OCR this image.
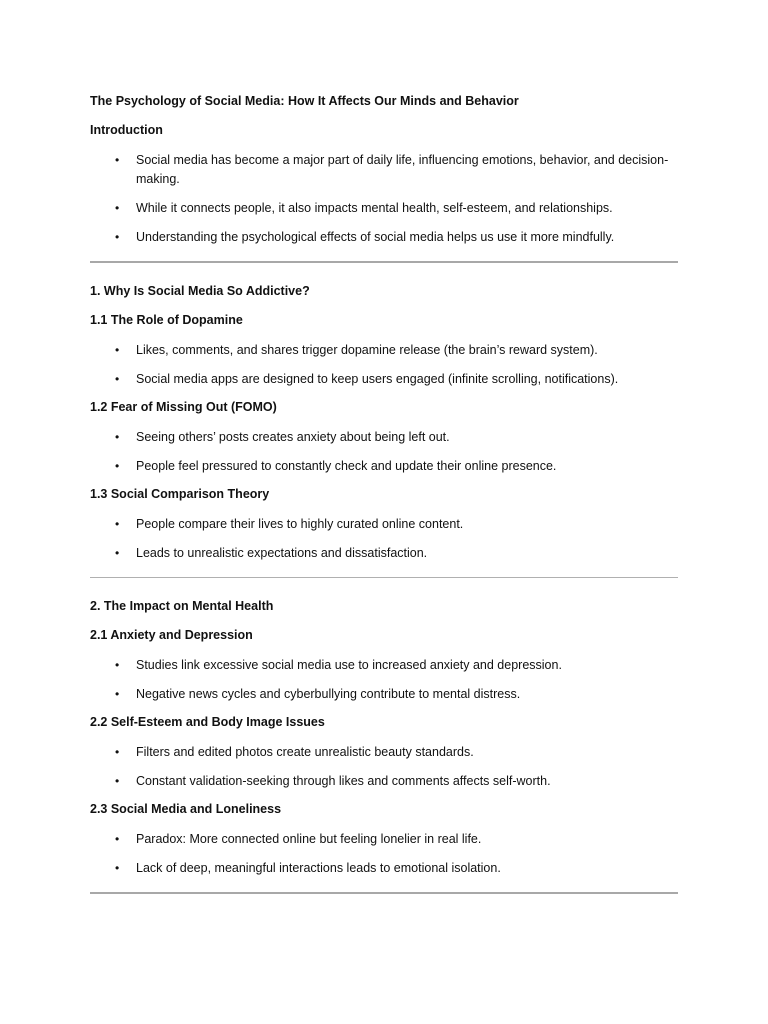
The Psychology of Social Media: How It Affects Our Minds and Behavior
Introduction
• Social media has become a major part of daily life, influencing emotions, behavior, and decision-making.
• While it connects people, it also impacts mental health, self-esteem, and relationships.
• Understanding the psychological effects of social media helps us use it more mindfully.
1. Why Is Social Media So Addictive?
1.1 The Role of Dopamine
• Likes, comments, and shares trigger dopamine release (the brain’s reward system).
• Social media apps are designed to keep users engaged (infinite scrolling, notifications).
1.2 Fear of Missing Out (FOMO)
• Seeing others’ posts creates anxiety about being left out.
• People feel pressured to constantly check and update their online presence.
1.3 Social Comparison Theory
• People compare their lives to highly curated online content.
• Leads to unrealistic expectations and dissatisfaction.
2. The Impact on Mental Health
2.1 Anxiety and Depression
• Studies link excessive social media use to increased anxiety and depression.
• Negative news cycles and cyberbullying contribute to mental distress.
2.2 Self-Esteem and Body Image Issues
• Filters and edited photos create unrealistic beauty standards.
• Constant validation-seeking through likes and comments affects self-worth.
2.3 Social Media and Loneliness
• Paradox: More connected online but feeling lonelier in real life.
• Lack of deep, meaningful interactions leads to emotional isolation.
